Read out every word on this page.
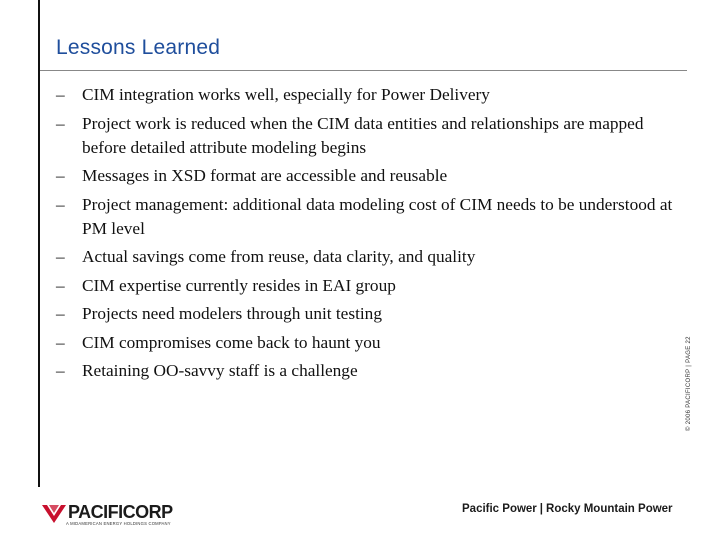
Lessons Learned
– CIM integration works well, especially for Power Delivery
– Project work is reduced when the CIM data entities and relationships are mapped before detailed attribute modeling begins
– Messages in XSD format are accessible and reusable
– Project management: additional data modeling cost of CIM needs to be understood at PM level
– Actual savings come from reuse, data clarity, and quality
– CIM expertise currently resides in EAI group
– Projects need modelers through unit testing
– CIM compromises come back to haunt you
– Retaining OO-savvy staff is a challenge	© 2006 PACIFICORP | PAGE 22
PACIFICORP
A MIDAMERICAN ENERGY HOLDINGS COMPANY
Pacific Power | Rocky Mountain Power
